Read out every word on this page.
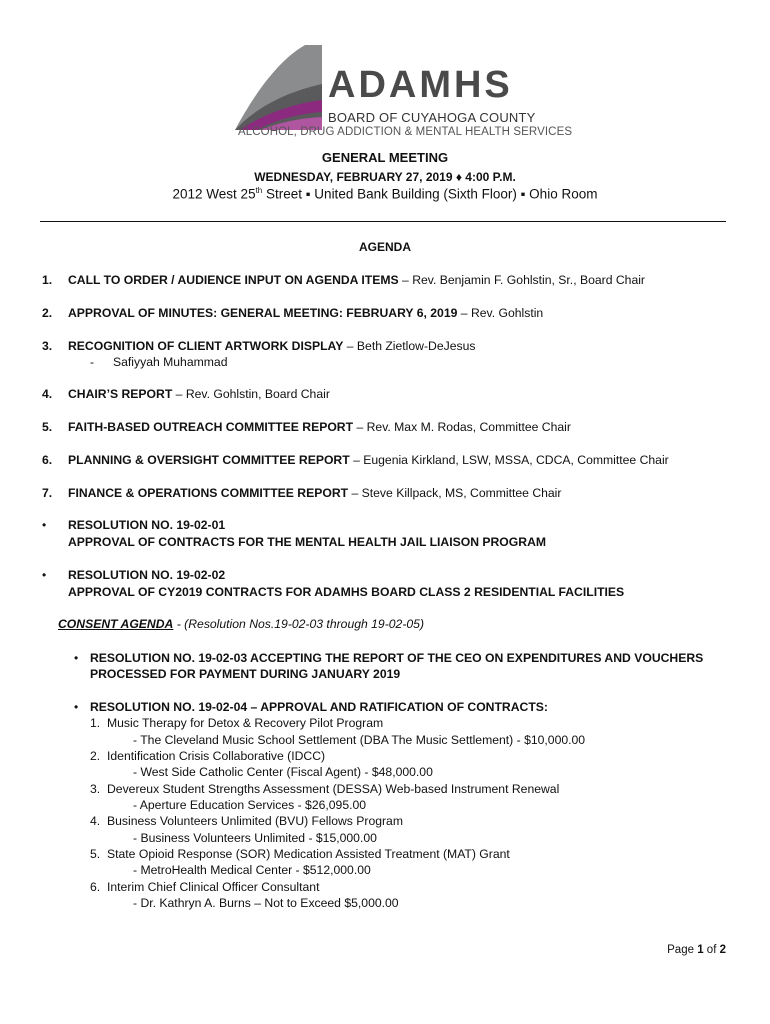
ADAMHS
BOARD OF CUYAHOGA COUNTY
ALCOHOL, DRUG ADDICTION & MENTAL HEALTH SERVICES
GENERAL MEETING
WEDNESDAY, FEBRUARY 27, 2019 ♦ 4:00 P.M.
2012 West 25th Street ▪ United Bank Building (Sixth Floor) ▪ Ohio Room
AGENDA
1. CALL TO ORDER / AUDIENCE INPUT ON AGENDA ITEMS – Rev. Benjamin F. Gohlstin, Sr., Board Chair
2. APPROVAL OF MINUTES: GENERAL MEETING: FEBRUARY 6, 2019 – Rev. Gohlstin
3. RECOGNITION OF CLIENT ARTWORK DISPLAY – Beth Zietlow-DeJesus
- Safiyyah Muhammad
4. CHAIR’S REPORT – Rev. Gohlstin, Board Chair
5. FAITH-BASED OUTREACH COMMITTEE REPORT – Rev. Max M. Rodas, Committee Chair
6. PLANNING & OVERSIGHT COMMITTEE REPORT – Eugenia Kirkland, LSW, MSSA, CDCA, Committee Chair
7. FINANCE & OPERATIONS COMMITTEE REPORT – Steve Killpack, MS, Committee Chair
• RESOLUTION NO. 19-02-01
APPROVAL OF CONTRACTS FOR THE MENTAL HEALTH JAIL LIAISON PROGRAM
• RESOLUTION NO. 19-02-02
APPROVAL OF CY2019 CONTRACTS FOR ADAMHS BOARD CLASS 2 RESIDENTIAL FACILITIES
CONSENT AGENDA - (Resolution Nos.19-02-03 through 19-02-05)
• RESOLUTION NO. 19-02-03 ACCEPTING THE REPORT OF THE CEO ON EXPENDITURES AND VOUCHERS
PROCESSED FOR PAYMENT DURING JANUARY 2019
• RESOLUTION NO. 19-02-04 – APPROVAL AND RATIFICATION OF CONTRACTS:
1. Music Therapy for Detox & Recovery Pilot Program
- The Cleveland Music School Settlement (DBA The Music Settlement) - $10,000.00
2. Identification Crisis Collaborative (IDCC)
- West Side Catholic Center (Fiscal Agent) - $48,000.00
3. Devereux Student Strengths Assessment (DESSA) Web-based Instrument Renewal
- Aperture Education Services - $26,095.00
4. Business Volunteers Unlimited (BVU) Fellows Program
- Business Volunteers Unlimited - $15,000.00
5. State Opioid Response (SOR) Medication Assisted Treatment (MAT) Grant
- MetroHealth Medical Center - $512,000.00
6. Interim Chief Clinical Officer Consultant
- Dr. Kathryn A. Burns – Not to Exceed $5,000.00
Page 1 of 2
